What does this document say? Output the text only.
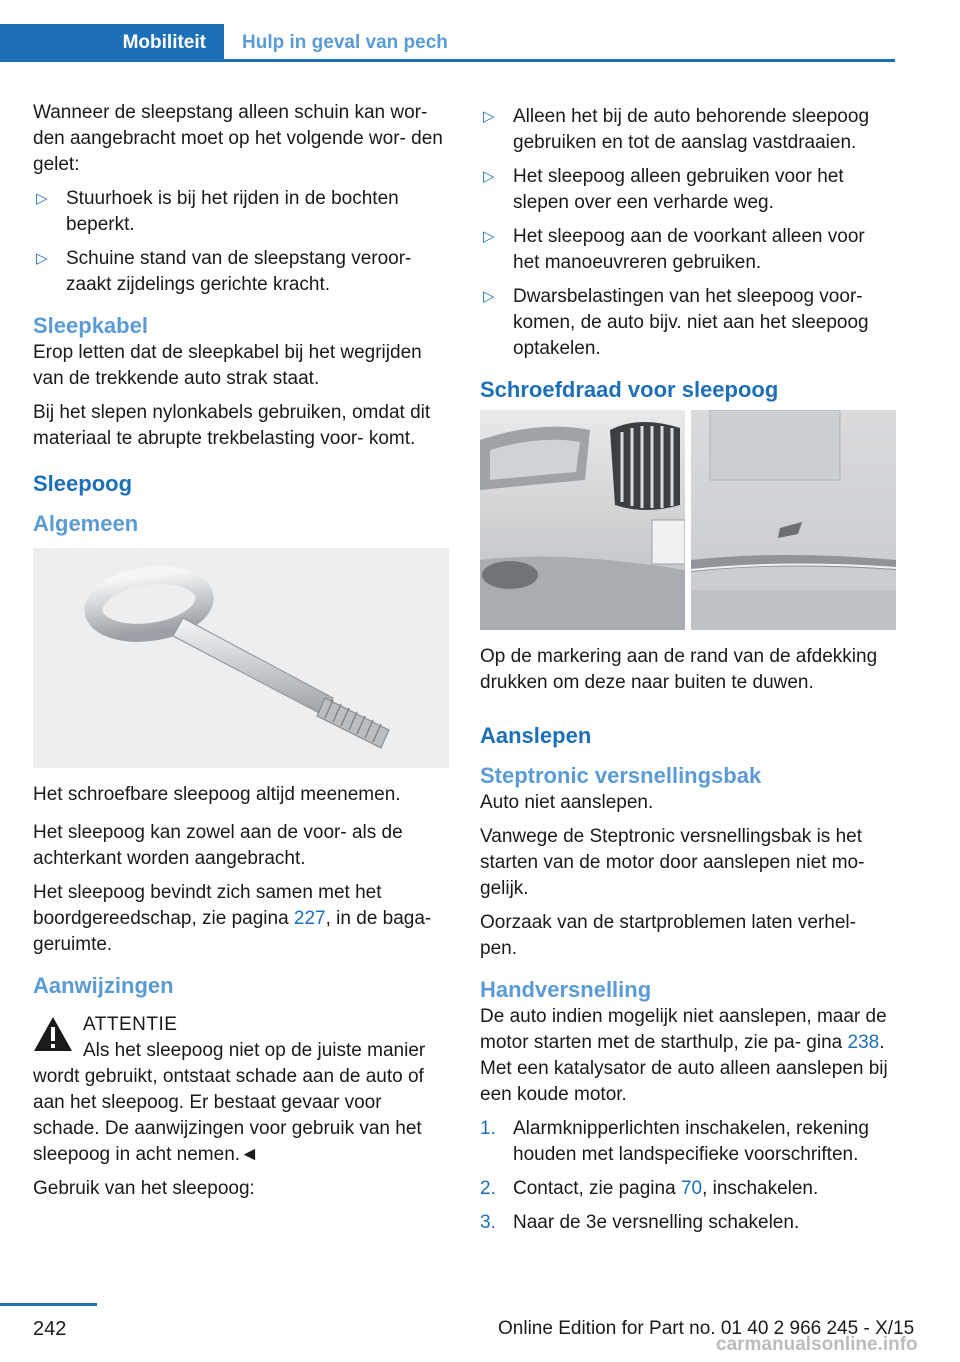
Mobiliteit	Hulp in geval van pech

Wanneer de sleepstang alleen schuin kan wor‐ den aangebracht moet op het volgende wor‐ den gelet:

▷ Stuurhoek is bij het rijden in de bochten beperkt.
▷ Schuine stand van de sleepstang veroor‐ zaakt zijdelings gerichte kracht.
Sleepkabel

Erop letten dat de sleepkabel bij het wegrijden van de trekkende auto strak staat.

Bij het slepen nylonkabels gebruiken, omdat dit materiaal te abrupte trekbelasting voor‐ komt.

Sleepoog
Algemeen

Het schroefbare sleepoog altijd meenemen.

Het sleepoog kan zowel aan de voor- als de achterkant worden aangebracht.

Het sleepoog bevindt zich samen met het boordgereedschap, zie pagina 227, in de baga‐ geruimte.

Aanwijzingen
ATTENTIE

Als het sleepoog niet op de juiste manier wordt gebruikt, ontstaat schade aan de auto of aan het sleepoog. Er bestaat gevaar voor schade. De aanwijzingen voor gebruik van het sleepoog in acht nemen.◄

Gebruik van het sleepoog:

▷ Alleen het bij de auto behorende sleepoog gebruiken en tot de aanslag vastdraaien.
▷ Het sleepoog alleen gebruiken voor het slepen over een verharde weg.
▷ Het sleepoog aan de voorkant alleen voor het manoeuvreren gebruiken.
▷ Dwarsbelastingen van het sleepoog voor‐ komen, de auto bijv. niet aan het sleepoog optakelen.
Schroefdraad voor sleepoog

Op de markering aan de rand van de afdekking drukken om deze naar buiten te duwen.

Aanslepen
Steptronic versnellingsbak

Auto niet aanslepen.

Vanwege de Steptronic versnellingsbak is het starten van de motor door aanslepen niet mo‐ gelijk.

Oorzaak van de startproblemen laten verhel‐ pen.

Handversnelling

De auto indien mogelijk niet aanslepen, maar de motor starten met de starthulp, zie pa‐ gina 238. Met een katalysator de auto alleen aanslepen bij een koude motor.

1. Alarmknipperlichten inschakelen, rekening houden met landspecifieke voorschriften.
2. Contact, zie pagina 70, inschakelen.
3. Naar de 3e versnelling schakelen.
242	Online Edition for Part no. 01 40 2 966 245 - X/15
carmanualsonline.info
